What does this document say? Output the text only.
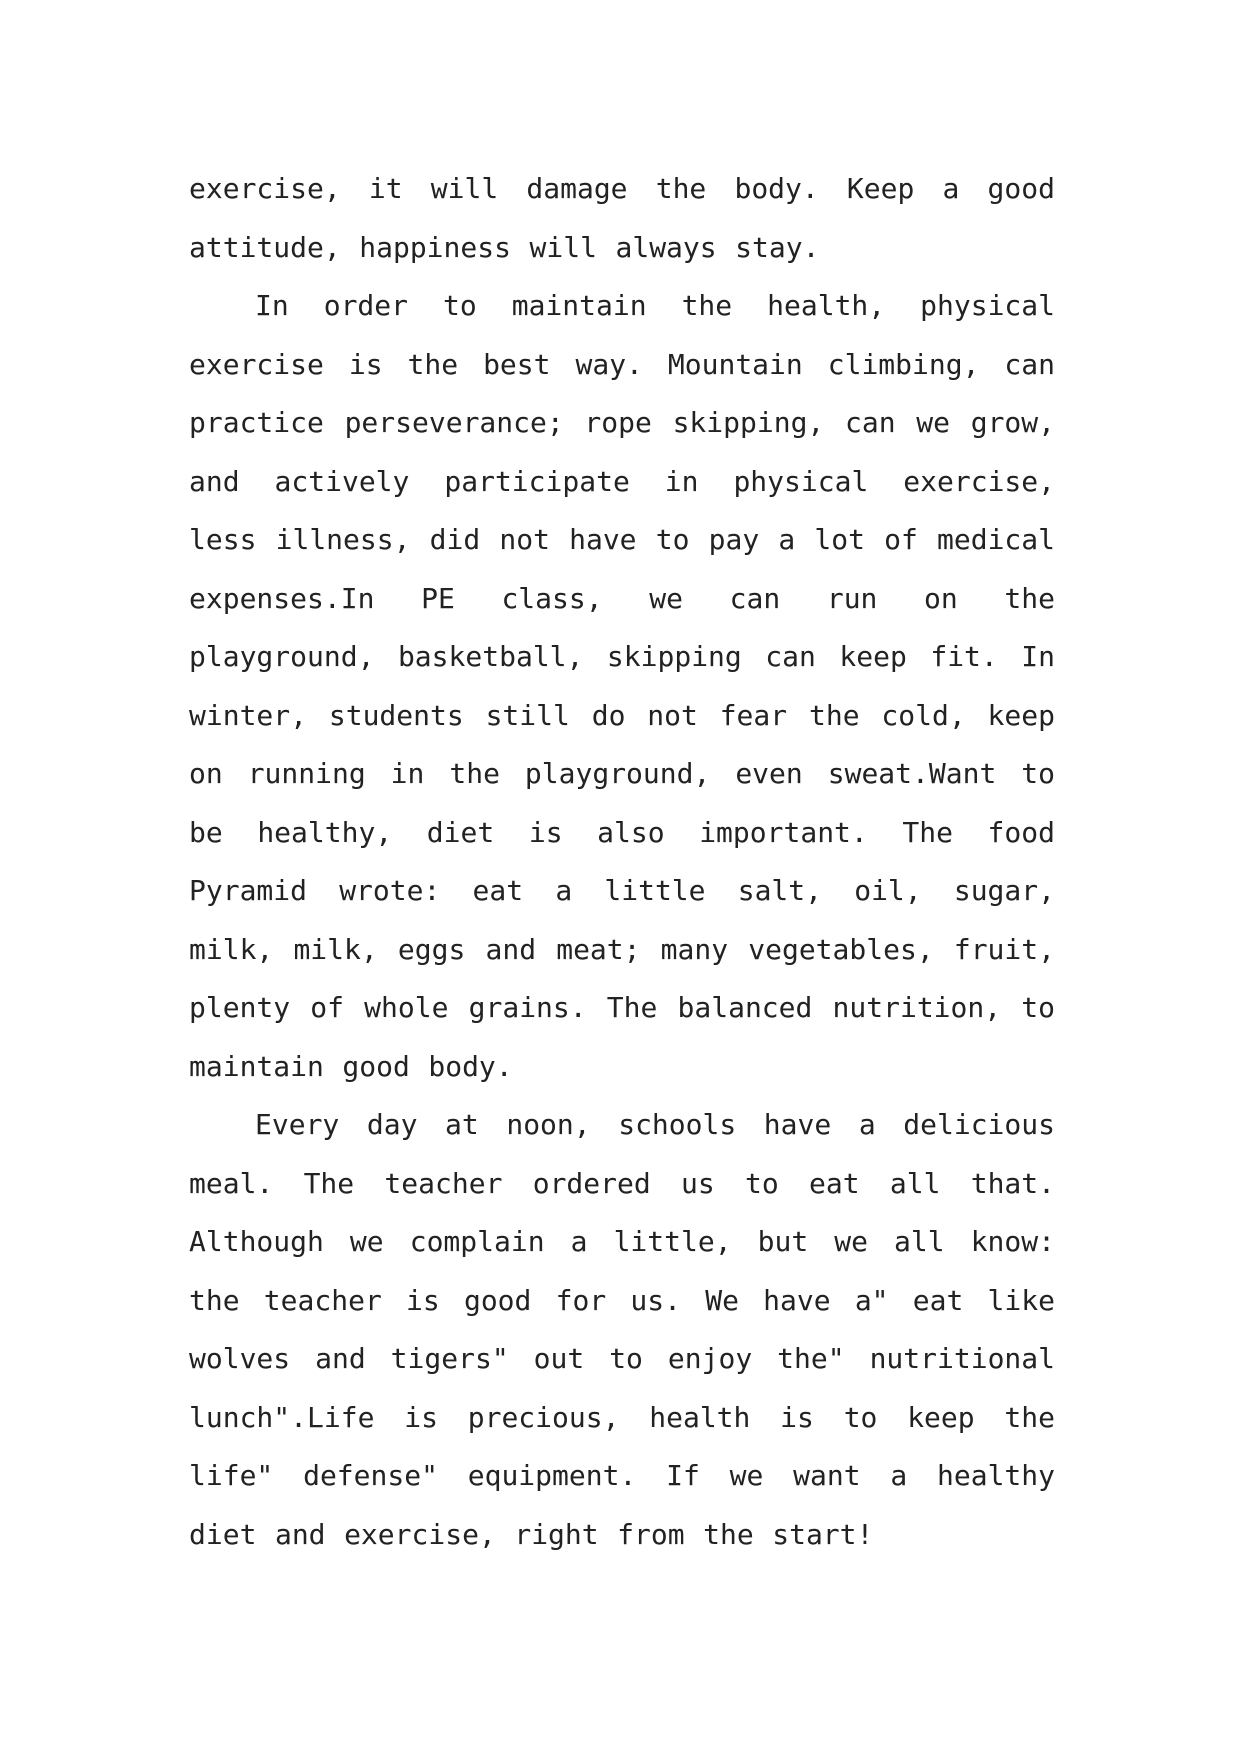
exercise, it will damage the body. Keep a good attitude, happiness will always stay.

In order to maintain the health, physical exercise is the best way. Mountain climbing, can practice perseverance; rope skipping, can we grow, and actively participate in physical exercise, less illness, did not have to pay a lot of medical expenses.In PE class, we can run on the playground, basketball, skipping can keep fit. In winter, students still do not fear the cold, keep on running in the playground, even sweat.Want to be healthy, diet is also important. The food Pyramid wrote: eat a little salt, oil, sugar, milk, milk, eggs and meat; many vegetables, fruit, plenty of whole grains. The balanced nutrition, to maintain good body.

Every day at noon, schools have a delicious meal. The teacher ordered us to eat all that. Although we complain a little, but we all know: the teacher is good for us. We have a" eat like wolves and tigers" out to enjoy the" nutritional lunch".Life is precious, health is to keep the life" defense" equipment. If we want a healthy diet and exercise, right from the start!
